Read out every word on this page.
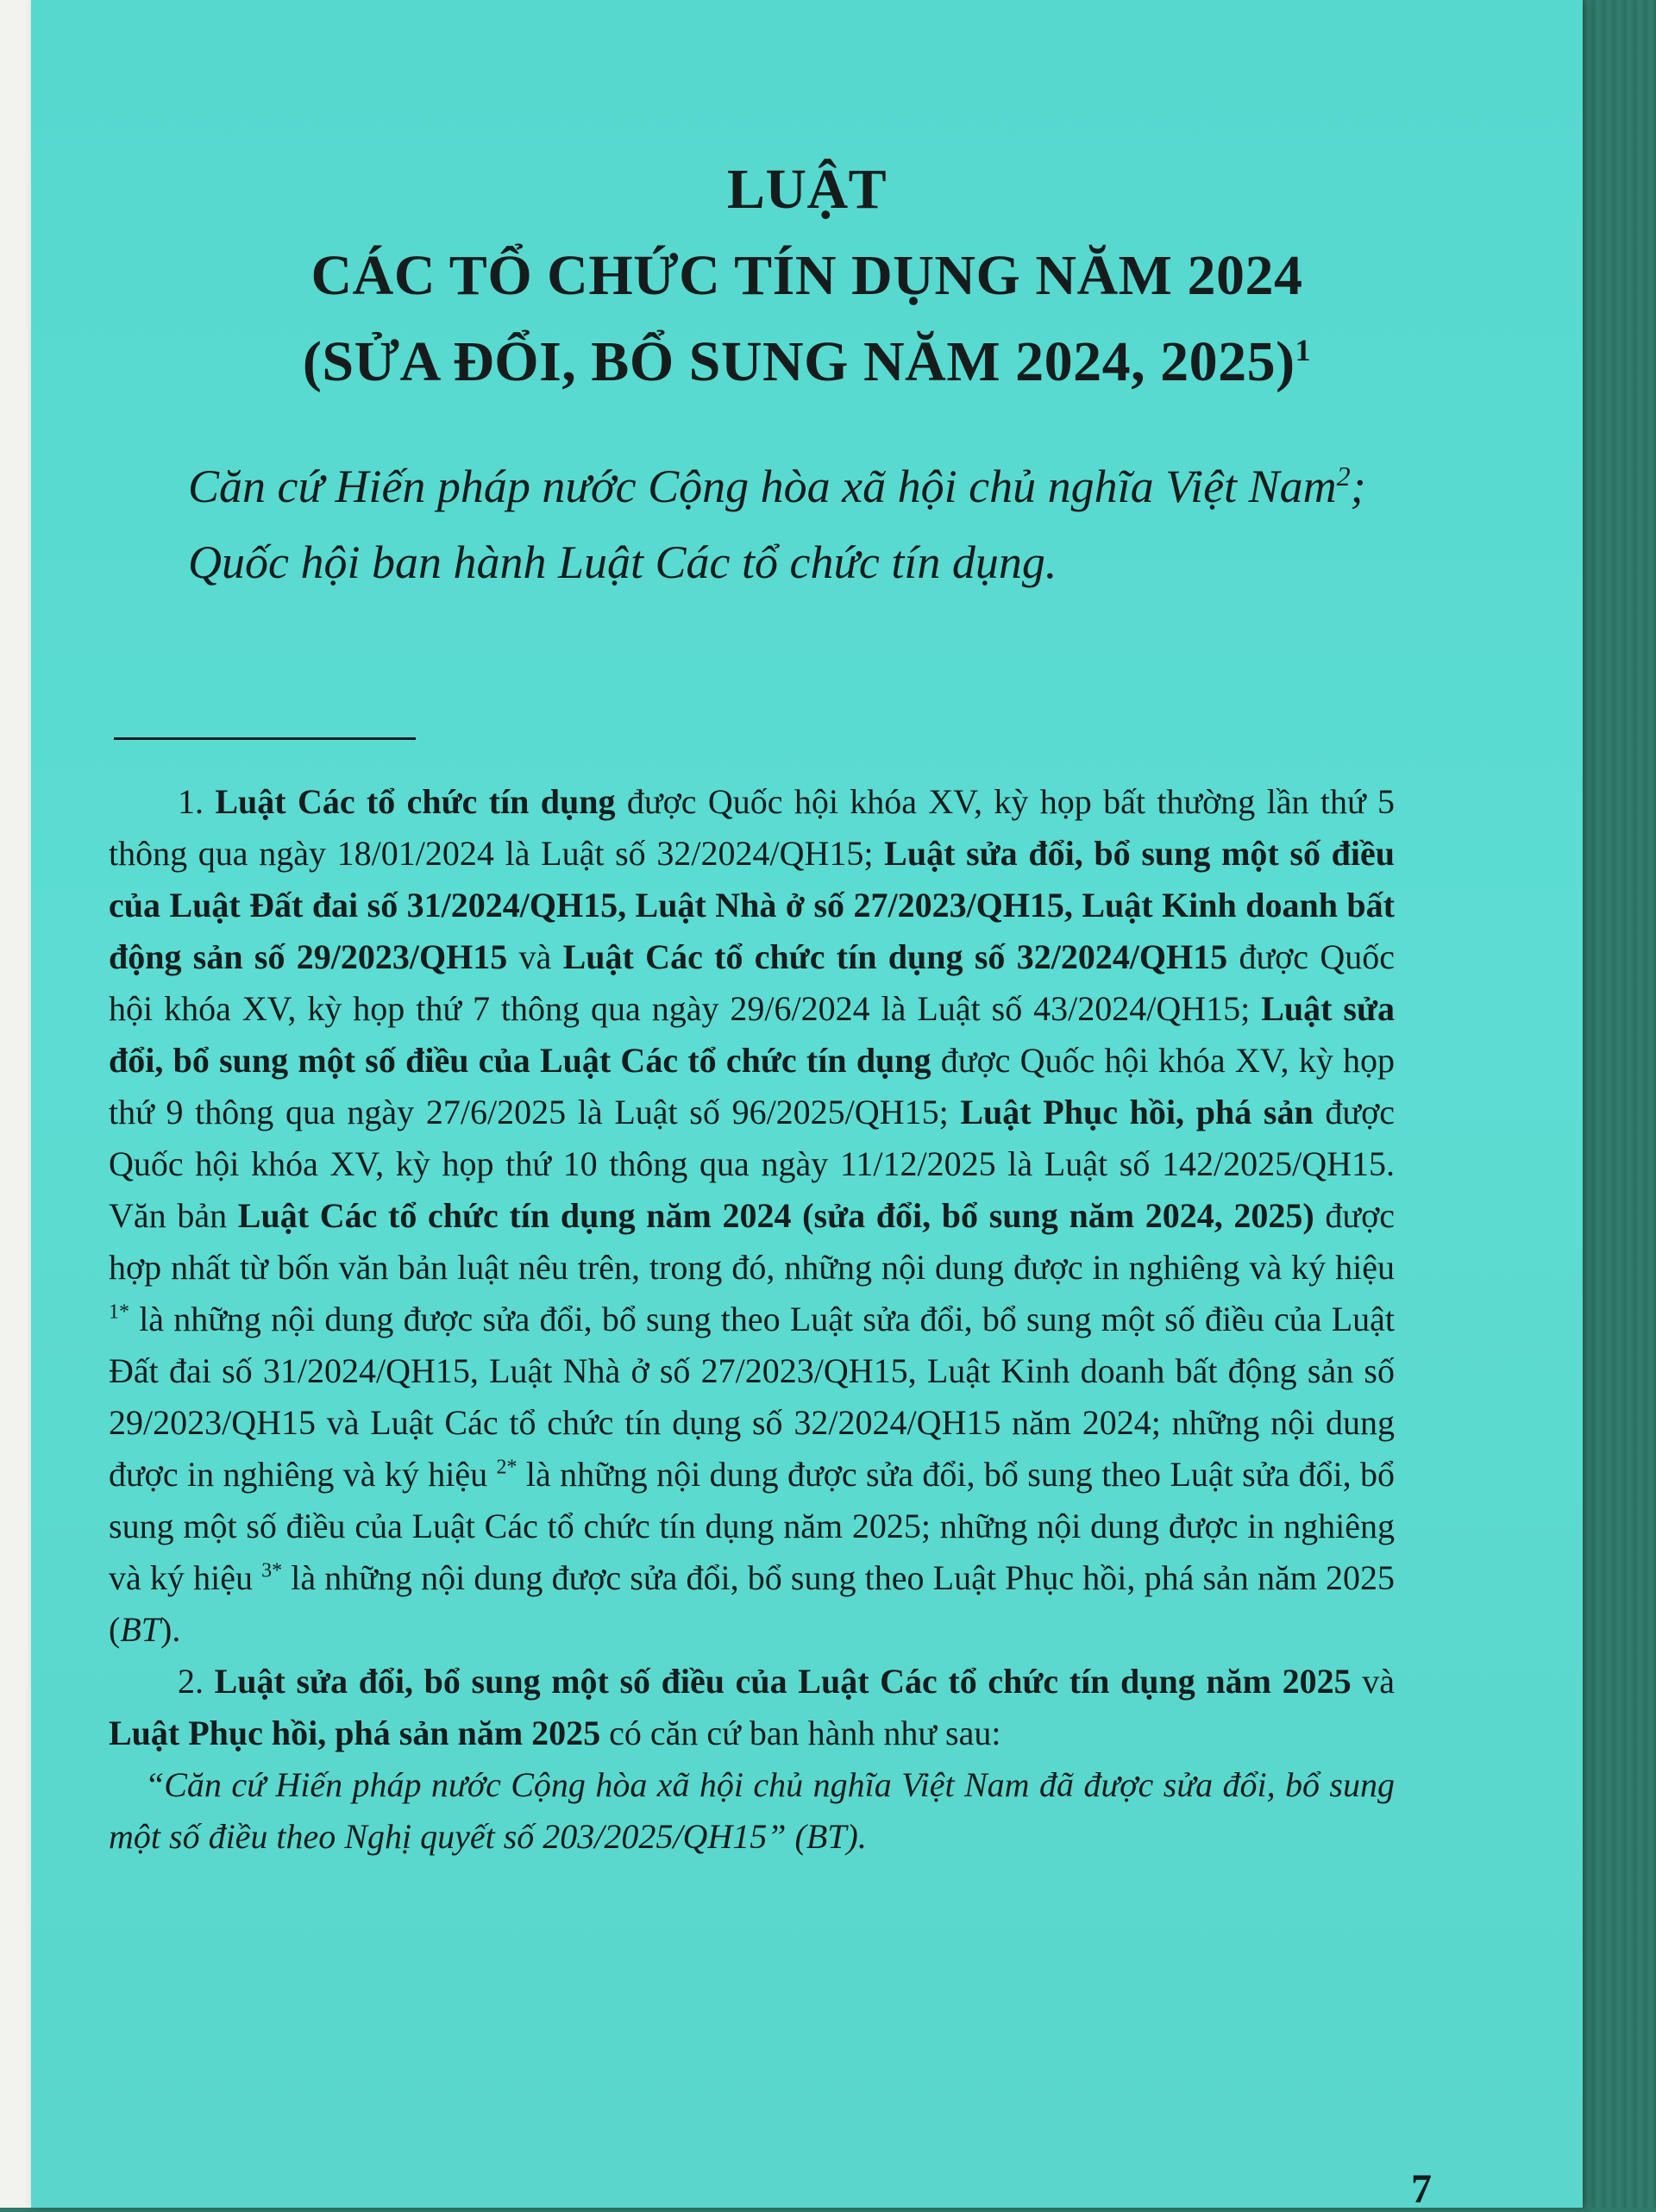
LUẬT

CÁC TỔ CHỨC TÍN DỤNG NĂM 2024

(SỬA ĐỔI, BỔ SUNG NĂM 2024, 2025)$^1$

Căn cứ Hiến pháp nước Cộng hòa xã hội chủ nghĩa Việt Nam$^2$;

Quốc hội ban hành Luật Các tổ chức tín dụng.

1. Luật Các tổ chức tín dụng được Quốc hội khóa XV, kỳ họp bất thường lần thứ 5 thông qua ngày 18/01/2024 là Luật số 32/2024/QH15; Luật sửa đổi, bổ sung một số điều của Luật Đất đai số 31/2024/QH15, Luật Nhà ở số 27/2023/QH15, Luật Kinh doanh bất động sản số 29/2023/QH15 và Luật Các tổ chức tín dụng số 32/2024/QH15 được Quốc hội khóa XV, kỳ họp thứ 7 thông qua ngày 29/6/2024 là Luật số 43/2024/QH15; Luật sửa đổi, bổ sung một số điều của Luật Các tổ chức tín dụng được Quốc hội khóa XV, kỳ họp thứ 9 thông qua ngày 27/6/2025 là Luật số 96/2025/QH15; Luật Phục hồi, phá sản được Quốc hội khóa XV, kỳ họp thứ 10 thông qua ngày 11/12/2025 là Luật số 142/2025/QH15. Văn bản Luật Các tổ chức tín dụng năm 2024 (sửa đổi, bổ sung năm 2024, 2025) được hợp nhất từ bốn văn bản luật nêu trên, trong đó, những nội dung được in nghiêng và ký hiệu $^{1*}$ là những nội dung được sửa đổi, bổ sung theo Luật sửa đổi, bổ sung một số điều của Luật Đất đai số 31/2024/QH15, Luật Nhà ở số 27/2023/QH15, Luật Kinh doanh bất động sản số 29/2023/QH15 và Luật Các tổ chức tín dụng số 32/2024/QH15 năm 2024; những nội dung được in nghiêng và ký hiệu $^{2*}$ là những nội dung được sửa đổi, bổ sung theo Luật sửa đổi, bổ sung một số điều của Luật Các tổ chức tín dụng năm 2025; những nội dung được in nghiêng và ký hiệu $^{3*}$ là những nội dung được sửa đổi, bổ sung theo Luật Phục hồi, phá sản năm 2025 (BT).

2. Luật sửa đổi, bổ sung một số điều của Luật Các tổ chức tín dụng năm 2025 và Luật Phục hồi, phá sản năm 2025 có căn cứ ban hành như sau:

“Căn cứ Hiến pháp nước Cộng hòa xã hội chủ nghĩa Việt Nam đã được sửa đổi, bổ sung một số điều theo Nghị quyết số 203/2025/QH15” (BT).

7
